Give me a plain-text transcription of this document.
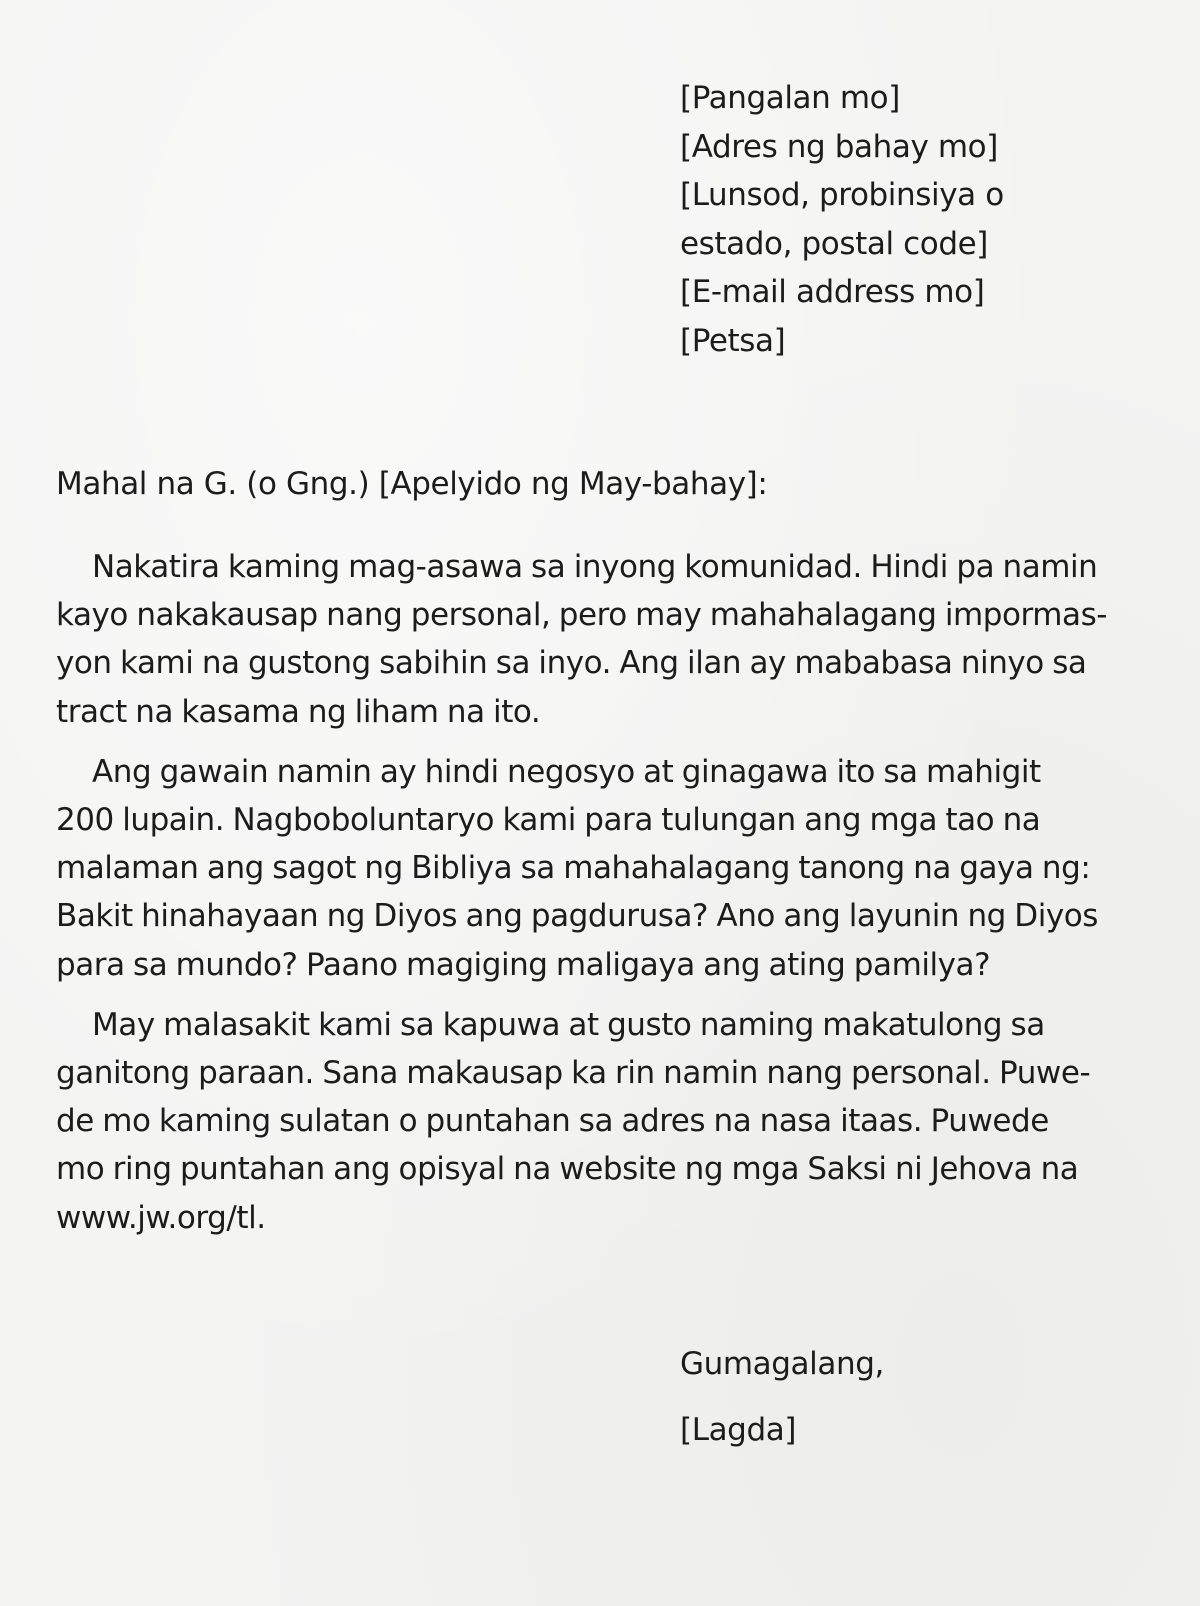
[Pangalan mo]
[Adres ng bahay mo]
[Lunsod, probinsiya o
estado, postal code]
[E-mail address mo]
[Petsa]
Mahal na G. (o Gng.) [Apelyido ng May-bahay]:
Nakatira kaming mag-asawa sa inyong komunidad. Hindi pa namin
kayo nakakausap nang personal, pero may mahahalagang impormas-
yon kami na gustong sabihin sa inyo. Ang ilan ay mababasa ninyo sa
tract na kasama ng liham na ito.
Ang gawain namin ay hindi negosyo at ginagawa ito sa mahigit
200 lupain. Nagboboluntaryo kami para tulungan ang mga tao na
malaman ang sagot ng Bibliya sa mahahalagang tanong na gaya ng:
Bakit hinahayaan ng Diyos ang pagdurusa? Ano ang layunin ng Diyos
para sa mundo? Paano magiging maligaya ang ating pamilya?
May malasakit kami sa kapuwa at gusto naming makatulong sa
ganitong paraan. Sana makausap ka rin namin nang personal. Puwe-
de mo kaming sulatan o puntahan sa adres na nasa itaas. Puwede
mo ring puntahan ang opisyal na website ng mga Saksi ni Jehova na
www.jw.org/tl.
Gumagalang,
[Lagda]
